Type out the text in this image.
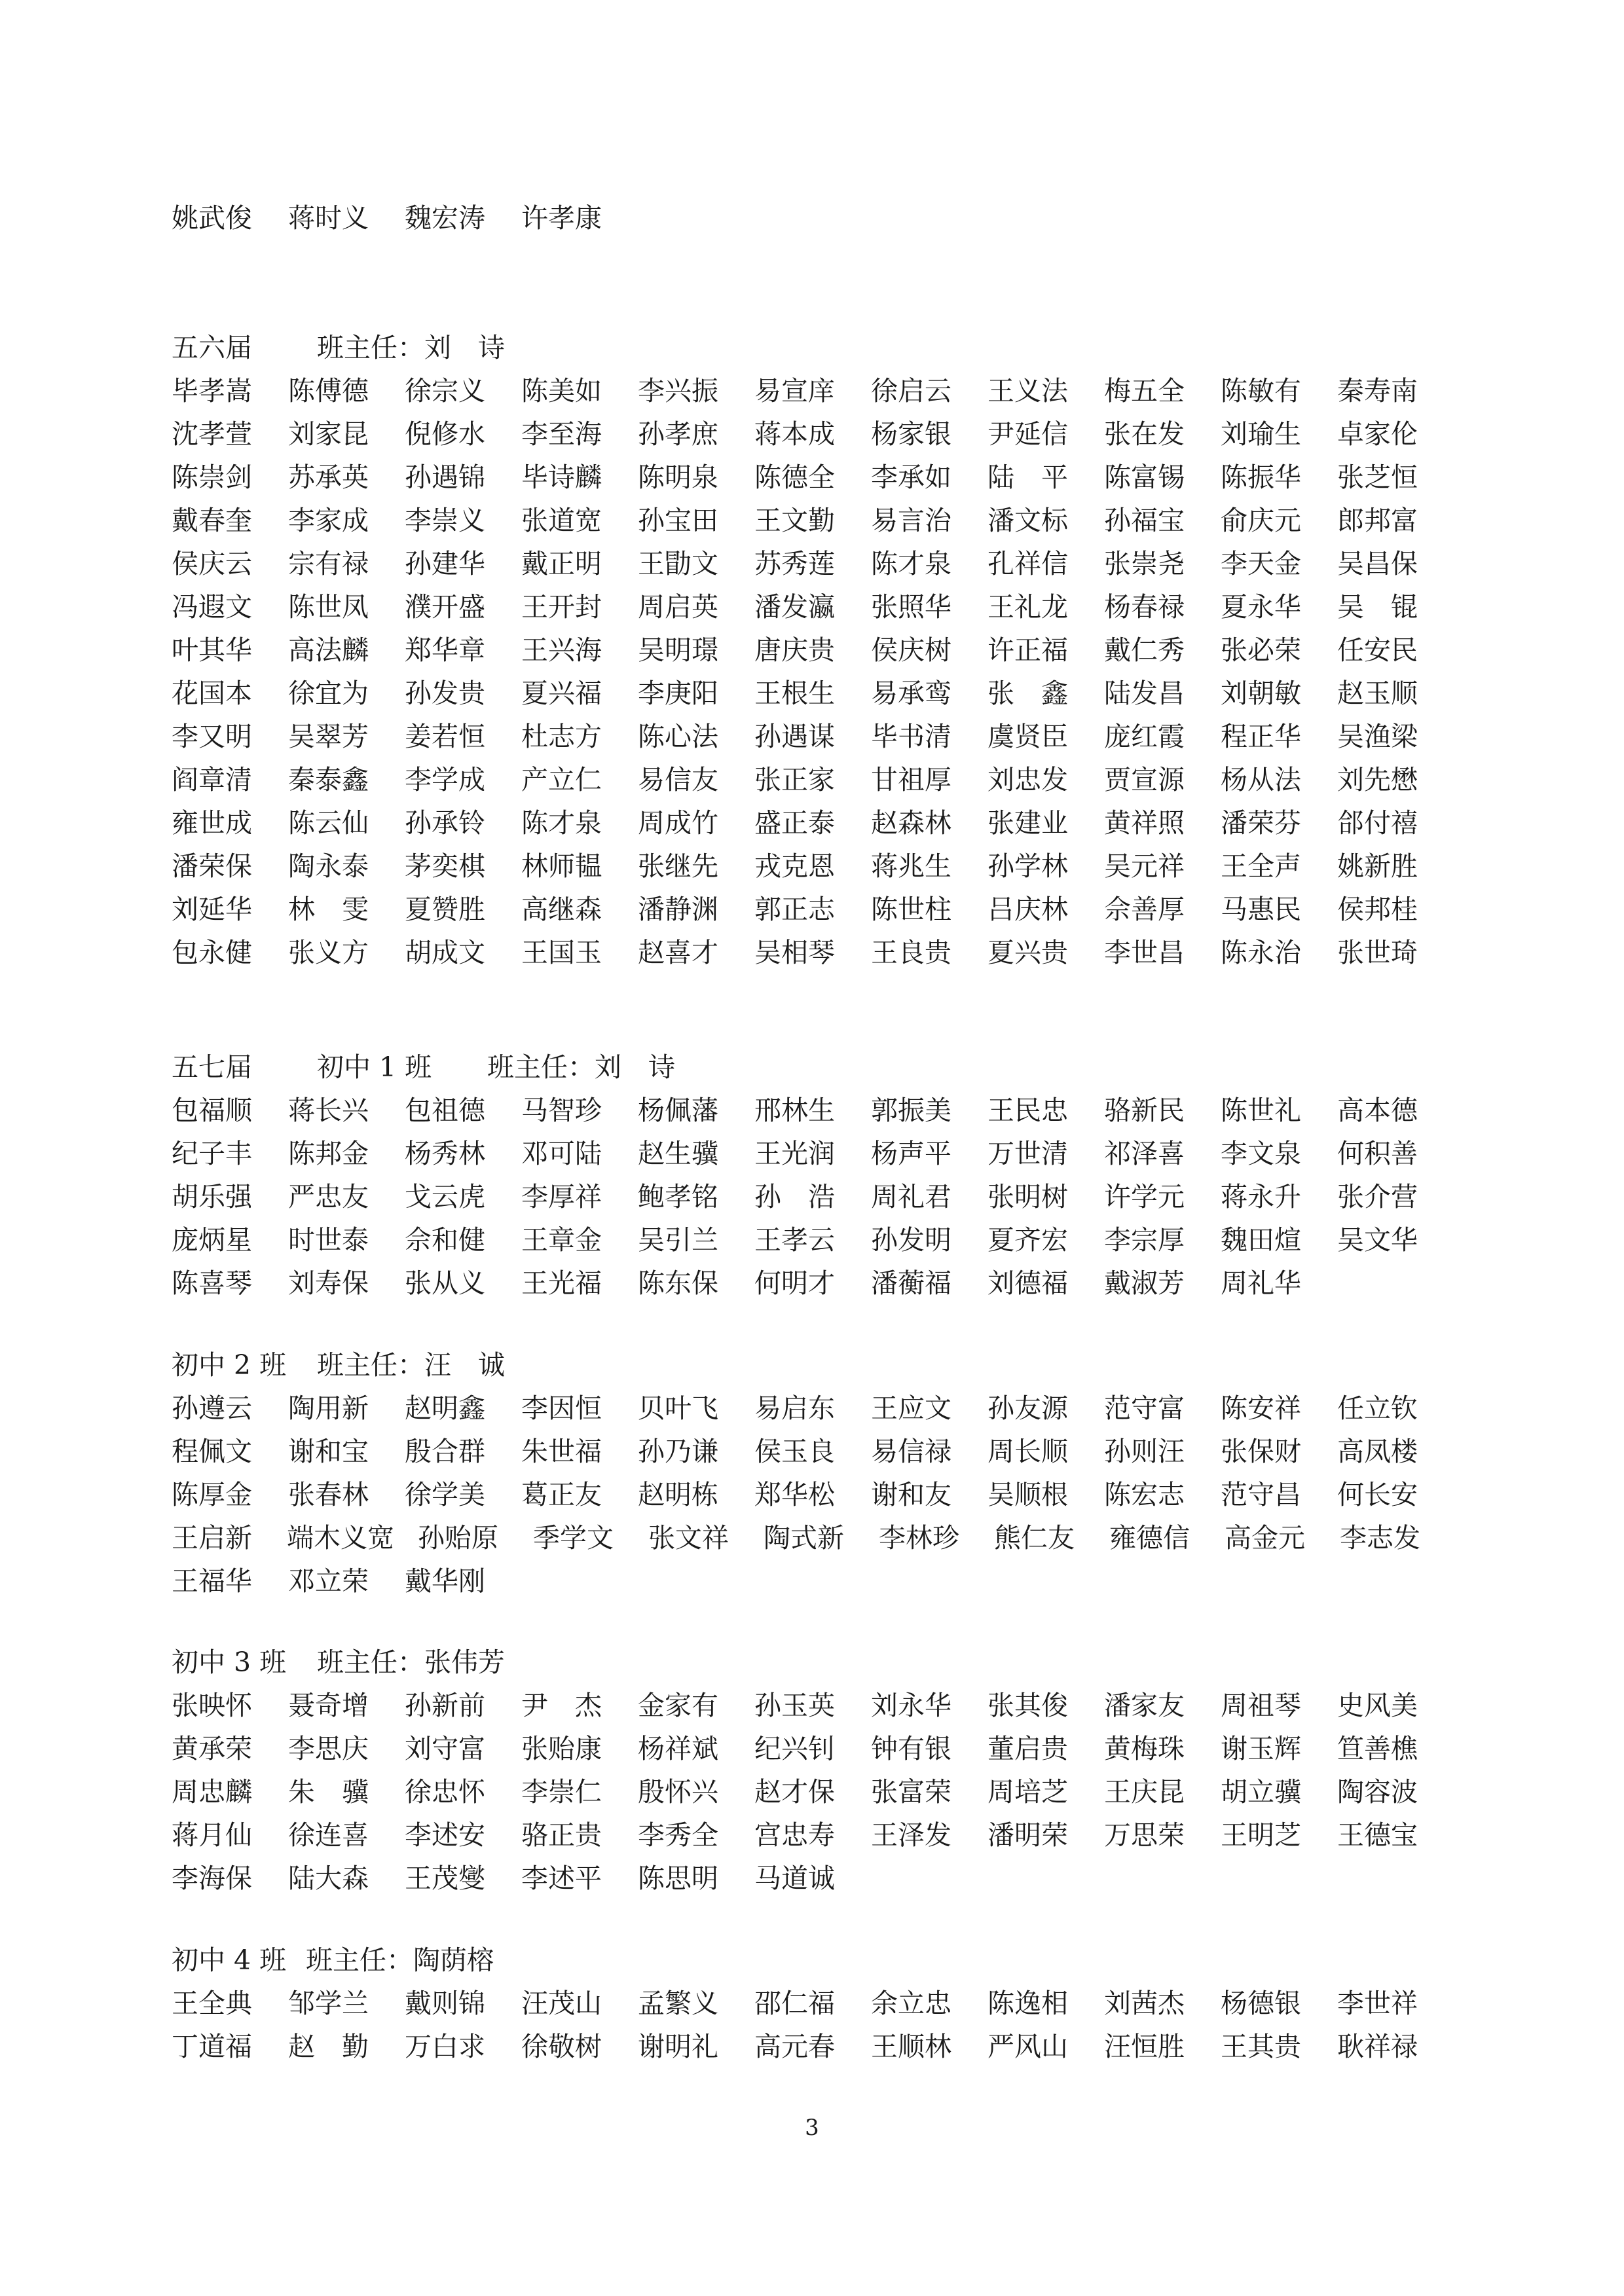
姚武俊	蒋时义	魏宏涛	许孝康
五六届 班主任：刘　诗
毕孝嵩	陈傅德	徐宗义	陈美如	李兴振	易宣庠	徐启云	王义法	梅五全	陈敏有	秦寿南
沈孝萱	刘家昆	倪修水	李至海	孙孝庶	蒋本成	杨家银	尹延信	张在发	刘瑜生	卓家伦
陈崇剑	苏承英	孙遇锦	毕诗麟	陈明泉	陈德全	李承如	陆　平	陈富锡	陈振华	张芝恒
戴春奎	李家成	李崇义	张道宽	孙宝田	王文勤	易言治	潘文标	孙福宝	俞庆元	郎邦富
侯庆云	宗有禄	孙建华	戴正明	王勖文	苏秀莲	陈才泉	孔祥信	张崇尧	李天金	吴昌保
冯遐文	陈世凤	濮开盛	王开封	周启英	潘发瀛	张照华	王礼龙	杨春禄	夏永华	吴　锟
叶其华	高法麟	郑华章	王兴海	吴明璟	唐庆贵	侯庆树	许正福	戴仁秀	张必荣	任安民
花国本	徐宜为	孙发贵	夏兴福	李庚阳	王根生	易承鸾	张　鑫	陆发昌	刘朝敏	赵玉顺
李又明	吴翠芳	姜若恒	杜志方	陈心法	孙遇谋	毕书清	虞贤臣	庞红霞	程正华	吴渔梁
阎章清	秦泰鑫	李学成	产立仁	易信友	张正家	甘祖厚	刘忠发	贾宣源	杨从法	刘先懋
雍世成	陈云仙	孙承铃	陈才泉	周成竹	盛正泰	赵森林	张建业	黄祥照	潘荣芬	郃付禧
潘荣保	陶永泰	茅奕棋	林师韫	张继先	戎克恩	蒋兆生	孙学林	吴元祥	王全声	姚新胜
刘延华	林　雯	夏赞胜	高继森	潘静渊	郭正志	陈世柱	吕庆林	佘善厚	马惠民	侯邦桂
包永健	张义方	胡成文	王国玉	赵喜才	吴相琴	王良贵	夏兴贵	李世昌	陈永治	张世琦
五七届 初中 1 班 班主任：刘　诗
包福顺	蒋长兴	包祖德	马智珍	杨佩藩	邢林生	郭振美	王民忠	骆新民	陈世礼	高本德
纪子丰	陈邦金	杨秀林	邓可陆	赵生骥	王光润	杨声平	万世清	祁泽喜	李文泉	何积善
胡乐强	严忠友	戈云虎	李厚祥	鲍孝铭	孙　浩	周礼君	张明树	许学元	蒋永升	张介营
庞炳星	时世泰	佘和健	王章金	吴引兰	王孝云	孙发明	夏齐宏	李宗厚	魏田煊	吴文华
陈喜琴	刘寿保	张从义	王光福	陈东保	何明才	潘蘅福	刘德福	戴淑芳	周礼华
初中 2 班 班主任：汪　诚
孙遵云	陶用新	赵明鑫	李因恒	贝叶飞	易启东	王应文	孙友源	范守富	陈安祥	任立钦
程佩文	谢和宝	殷合群	朱世福	孙乃谦	侯玉良	易信禄	周长顺	孙则汪	张保财	高凤楼
陈厚金	张春林	徐学美	葛正友	赵明栋	郑华松	谢和友	吴顺根	陈宏志	范守昌	何长安
王启新	端木义宽 孙贻原	季学文	张文祥	陶式新	李林珍	熊仁友	雍德信	高金元	李志发
王福华	邓立荣	戴华刚
初中 3 班 班主任：张伟芳
张映怀	聂奇增	孙新前	尹　杰	金家有	孙玉英	刘永华	张其俊	潘家友	周祖琴	史风美
黄承荣	李思庆	刘守富	张贻康	杨祥斌	纪兴钊	钟有银	董启贵	黄梅珠	谢玉辉	笪善樵
周忠麟	朱　骥	徐忠怀	李崇仁	殷怀兴	赵才保	张富荣	周培芝	王庆昆	胡立骥	陶容波
蒋月仙	徐连喜	李述安	骆正贵	李秀全	宫忠寿	王泽发	潘明荣	万思荣	王明芝	王德宝
李海保	陆大森	王茂燮	李述平	陈思明	马道诚
初中 4 班 班主任：陶荫榕
王全典	邹学兰	戴则锦	汪茂山	孟繁义	邵仁福	余立忠	陈逸相	刘茜杰	杨德银	李世祥
丁道福	赵　勤	万白求	徐敬树	谢明礼	高元春	王顺林	严风山	汪恒胜	王其贵	耿祥禄
3
